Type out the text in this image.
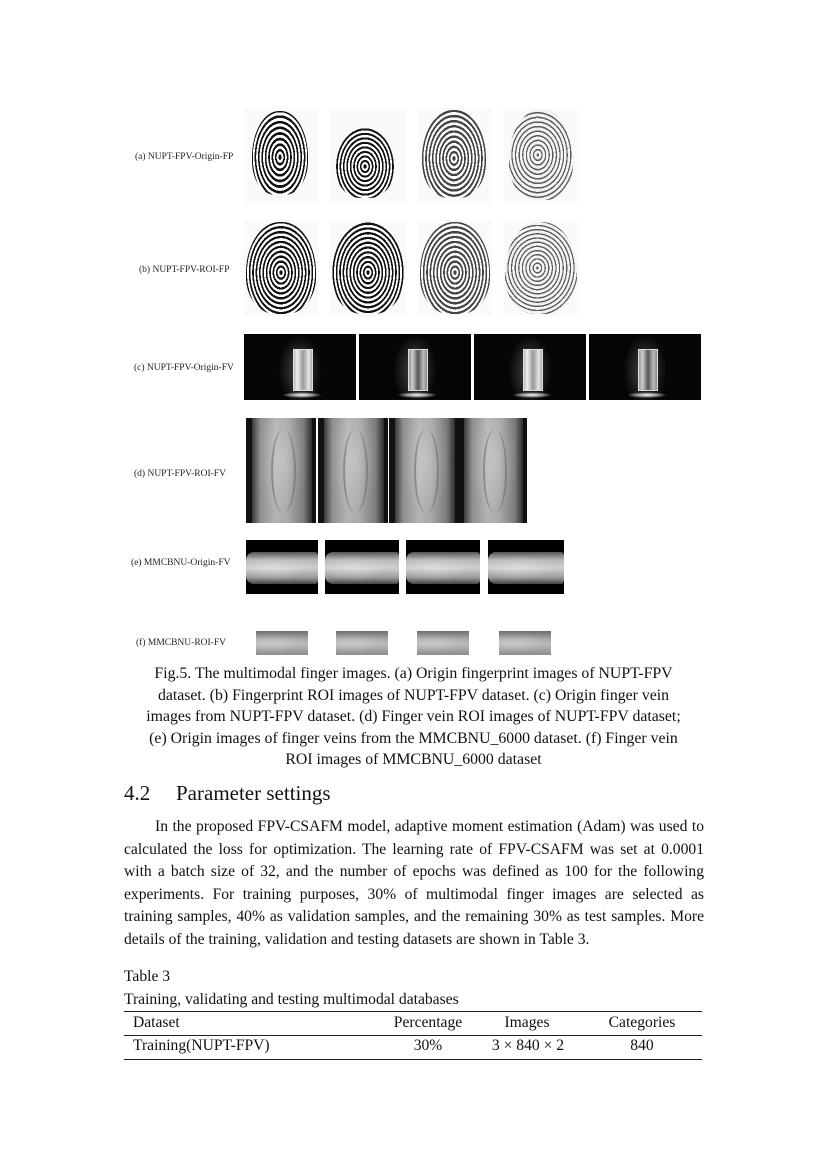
(a) NUPT-FPV-Origin-FP
(b) NUPT-FPV-ROI-FP
(c) NUPT-FPV-Origin-FV
(d) NUPT-FPV-ROI-FV
(e) MMCBNU-Origin-FV
(f) MMCBNU-ROI-FV
Fig.5. The multimodal finger images. (a) Origin fingerprint images of NUPT-FPV
dataset. (b) Fingerprint ROI images of NUPT-FPV dataset. (c) Origin finger vein
images from NUPT-FPV dataset. (d) Finger vein ROI images of NUPT-FPV dataset;
(e) Origin images of finger veins from the MMCBNU_6000 dataset. (f) Finger vein
ROI images of MMCBNU_6000 dataset
4.2 Parameter settings
In the proposed FPV-CSAFM model, adaptive moment estimation (Adam) was used to calculated the loss for optimization. The learning rate of FPV-CSAFM was set at 0.0001 with a batch size of 32, and the number of epochs was defined as 100 for the following experiments. For training purposes, 30% of multimodal finger images are selected as training samples, 40% as validation samples, and the remaining 30% as test samples. More details of the training, validation and testing datasets are shown in Table 3.
Table 3
Training, validating and testing multimodal databases
Dataset	Percentage	Images	Categories
Training(NUPT-FPV)	30%	3 × 840 × 2	840
